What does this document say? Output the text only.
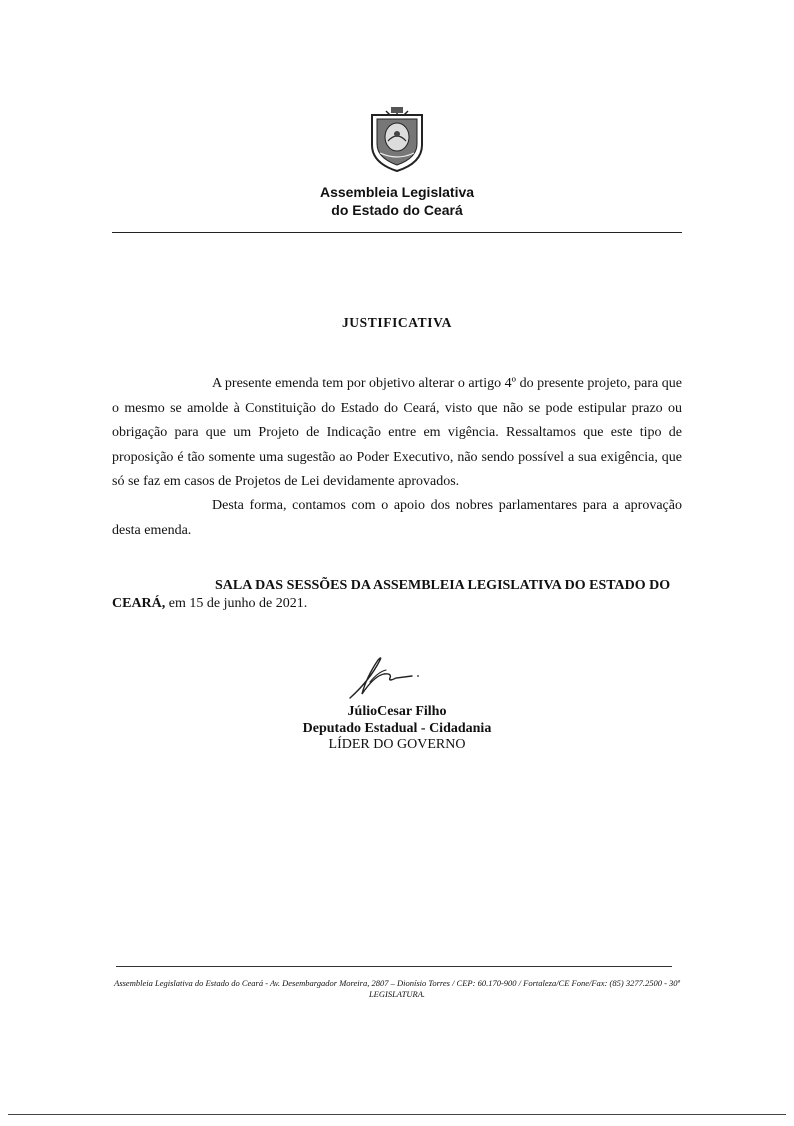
Assembleia Legislativa
do Estado do Ceará
JUSTIFICATIVA
A presente emenda tem por objetivo alterar o artigo 4º do presente projeto, para que o mesmo se amolde à Constituição do Estado do Ceará, visto que não se pode estipular prazo ou obrigação para que um Projeto de Indicação entre em vigência. Ressaltamos que este tipo de proposição é tão somente uma sugestão ao Poder Executivo, não sendo possível a sua exigência, que só se faz em casos de Projetos de Lei devidamente aprovados.
Desta forma, contamos com o apoio dos nobres parlamentares para a aprovação desta emenda.
SALA DAS SESSÕES DA ASSEMBLEIA LEGISLATIVA DO ESTADO DO
CEARÁ, em 15 de junho de 2021.
JúlioCesar Filho
Deputado Estadual - Cidadania
LÍDER DO GOVERNO
Assembleia Legislativa do Estado do Ceará - Av. Desembargador Moreira, 2807 – Dionísio Torres / CEP: 60.170-900 / Fortaleza/CE Fone/Fax: (85) 3277.2500 - 30ª LEGISLATURA.
